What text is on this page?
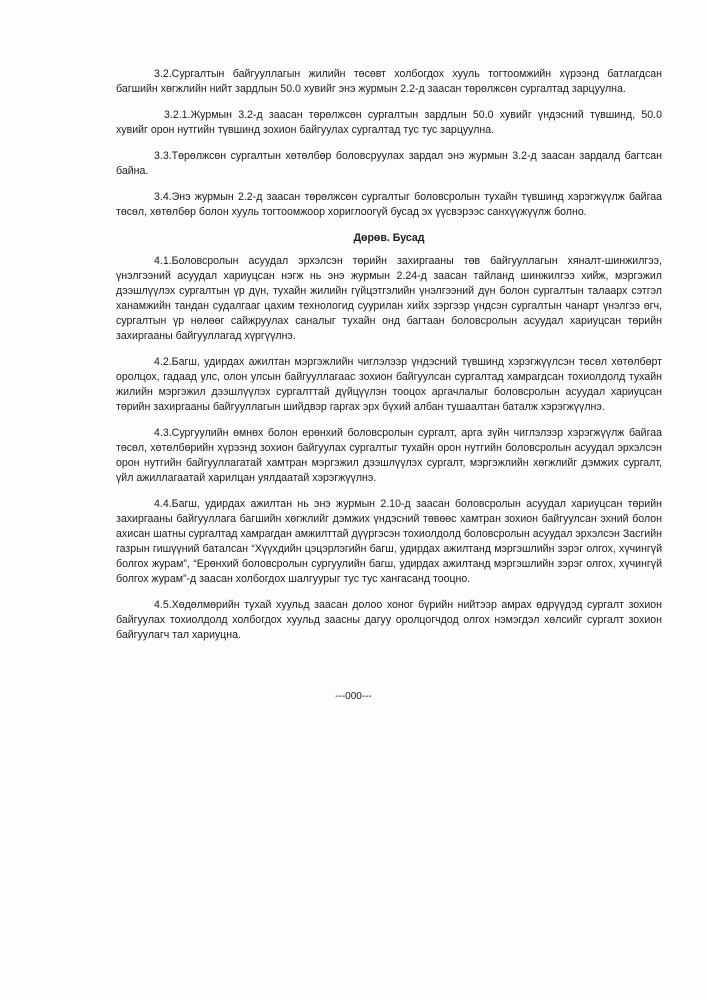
3.2.Сургалтын байгууллагын жилийн төсөвт холбогдох хууль тогтоомжийн хүрээнд батлагдсан багшийн хөгжлийн нийт зардлын 50.0 хувийг энэ журмын 2.2-д заасан төрөлжсөн сургалтад зарцуулна.

3.2.1.Журмын 3.2-д заасан төрөлжсөн сургалтын зардлын 50.0 хувийг үндэсний түвшинд, 50.0 хувийг орон нутгийн түвшинд зохион байгуулах сургалтад тус тус зарцуулна.

3.3.Төрөлжсөн сургалтын хөтөлбөр боловсруулах зардал энэ журмын 3.2-д заасан зардалд багтсан байна.

3.4.Энэ журмын 2.2-д заасан төрөлжсөн сургалтыг боловсролын тухайн түвшинд хэрэгжүүлж байгаа төсөл, хөтөлбөр болон хууль тогтоомжоор хориглоогүй бусад эх үүсвэрээс санхүүжүүлж болно.

Дөрөв. Бусад

4.1.Боловсролын асуудал эрхэлсэн төрийн захиргааны төв байгууллагын хяналт-шинжилгээ, үнэлгээний асуудал хариуцсан нэгж нь энэ журмын 2.24-д заасан тайланд шинжилгээ хийж, мэргэжил дээшлүүлэх сургалтын үр дүн, тухайн жилийн гүйцэтгэлийн үнэлгээний дүн болон сургалтын талаарх сэтгэл ханамжийн тандан судалгааг цахим технологид суурилан хийх зэргээр үндсэн сургалтын чанарт үнэлгээ өгч, сургалтын үр нөлөөг сайжруулах саналыг тухайн онд багтаан боловсролын асуудал хариуцсан төрийн захиргааны байгууллагад хүргүүлнэ.

4.2.Багш, удирдах ажилтан мэргэжлийн чиглэлээр үндэсний түвшинд хэрэгжүүлсэн төсөл хөтөлбөрт оролцох, гадаад улс, олон улсын байгууллагаас зохион байгуулсан сургалтад хамрагдсан тохиолдолд тухайн жилийн мэргэжил дээшлүүлэх сургалттай дүйцүүлэн тооцох аргачлалыг боловсролын асуудал хариуцсан төрийн захиргааны байгууллагын шийдвэр гаргах эрх бүхий албан тушаалтан баталж хэрэгжүүлнэ.

4.3.Сургуулийн өмнөх болон ерөнхий боловсролын сургалт, арга зүйн чиглэлээр хэрэгжүүлж байгаа төсөл, хөтөлбөрийн хүрээнд зохион байгуулах сургалтыг тухайн орон нутгийн боловсролын асуудал эрхэлсэн орон нутгийн байгууллагатай хамтран мэргэжил дээшлүүлэх сургалт, мэргэжлийн хөгжлийг дэмжих сургалт, үйл ажиллагаатай харилцан уялдаатай хэрэгжүүлнэ.

4.4.Багш, удирдах ажилтан нь энэ журмын 2.10-д заасан боловсролын асуудал хариуцсан төрийн захиргааны байгууллага багшийн хөгжлийг дэмжих үндэсний төвөөс хамтран зохион байгуулсан эхний болон ахисан шатны сургалтад хамрагдан амжилттай дүүргэсэн тохиолдолд боловсролын асуудал эрхэлсэн Засгийн газрын гишүүний баталсан “Хүүхдийн цэцэрлэгийн багш, удирдах ажилтанд мэргэшлийн зэрэг олгох, хүчингүй болгох журам”, “Ерөнхий боловсролын сургуулийн багш, удирдах ажилтанд мэргэшлийн зэрэг олгох, хүчингүй болгох журам”-д заасан холбогдох шалгуурыг тус тус хангасанд тооцно.

4.5.Хөдөлмөрийн тухай хуульд заасан долоо хоног бүрийн нийтээр амрах өдрүүдэд сургалт зохион байгуулах тохиолдолд холбогдох хуульд заасны дагуу оролцогчдод олгох нэмэгдэл хөлсийг сургалт зохион байгуулагч тал хариуцна.

---000---
